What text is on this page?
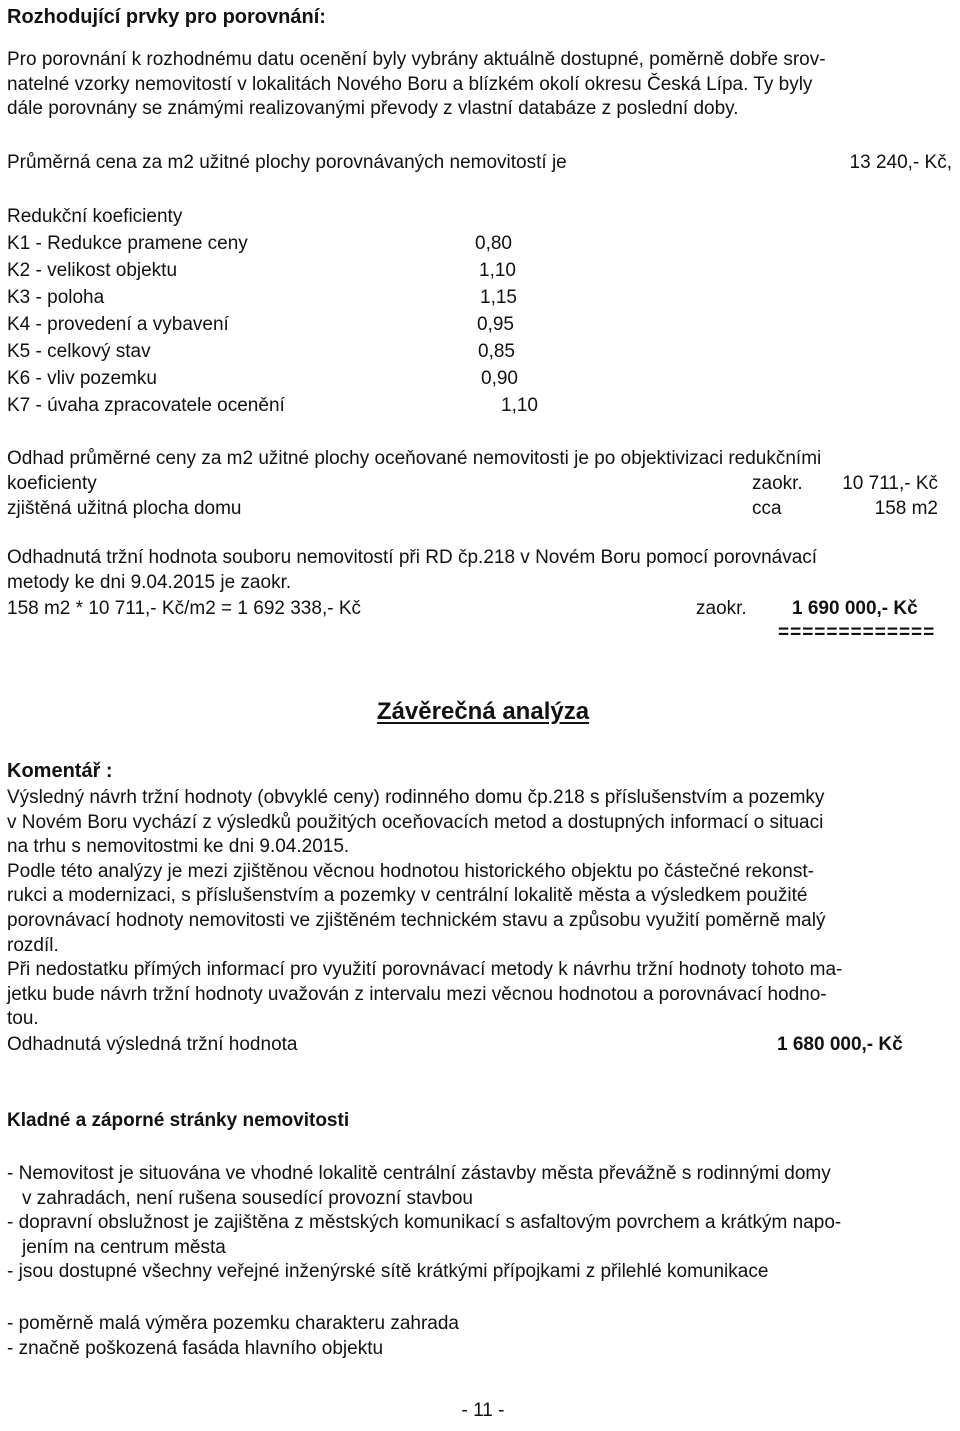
Rozhodující prvky pro porovnání:

Pro porovnání k rozhodnému datu ocenění byly vybrány aktuálně dostupné, poměrně dobře srov-

natelné vzorky nemovitostí v lokalitách Nového Boru a blízkém okolí okresu Česká Lípa. Ty byly

dále porovnány se známými realizovanými převody z vlastní databáze z poslední doby.

Průměrná cena za m2 užitné plochy porovnávaných nemovitostí je	13 240,- Kč,
Redukční koeficienty
K1 - Redukce pramene ceny	0,80
K2 - velikost objektu	1,10
K3 - poloha	1,15
K4 - provedení a vybavení	0,95
K5 - celkový stav	0,85
K6 - vliv pozemku	0,90
K7 - úvaha zpracovatele ocenění	1,10
Odhad průměrné ceny za m2 užitné plochy oceňované nemovitosti je po objektivizaci redukčními
koeficienty	zaokr. 10 711,- Kč
zjištěná užitná plocha domu	cca	158 m2
Odhadnutá tržní hodnota souboru nemovitostí při RD čp.218 v Novém Boru pomocí porovnávací
metody ke dni 9.04.2015 je zaokr.
158 m2 * 10 711,- Kč/m2 = 1 692 338,- Kč	zaokr. 1 690 000,- Kč
=============
Závěrečná analýza
Komentář :

Výsledný návrh tržní hodnoty (obvyklé ceny) rodinného domu čp.218 s příslušenstvím a pozemky

v Novém Boru vychází z výsledků použitých oceňovacích metod a dostupných informací o situaci

na trhu s nemovitostmi ke dni 9.04.2015.

Podle této analýzy je mezi zjištěnou věcnou hodnotou historického objektu po částečné rekonst-

rukci a modernizaci, s příslušenstvím a pozemky v centrální lokalitě města a výsledkem použité

porovnávací hodnoty nemovitosti ve zjištěném technickém stavu a způsobu využití poměrně malý

rozdíl.

Při nedostatku přímých informací pro využití porovnávací metody k návrhu tržní hodnoty tohoto ma-

jetku bude návrh tržní hodnoty uvažován z intervalu mezi věcnou hodnotou a porovnávací hodno-

tou.

Odhadnutá výsledná tržní hodnota	1 680 000,- Kč
Kladné a záporné stránky nemovitosti

- Nemovitost je situována ve vhodné lokalitě centrální zástavby města převážně s rodinnými domy

v zahradách, není rušena sousedící provozní stavbou

- dopravní obslužnost je zajištěna z městských komunikací s asfaltovým povrchem a krátkým napo-

jením na centrum města

- jsou dostupné všechny veřejné inženýrské sítě krátkými přípojkami z přilehlé komunikace

- poměrně malá výměra pozemku charakteru zahrada

- značně poškozená fasáda hlavního objektu

- 11 -
